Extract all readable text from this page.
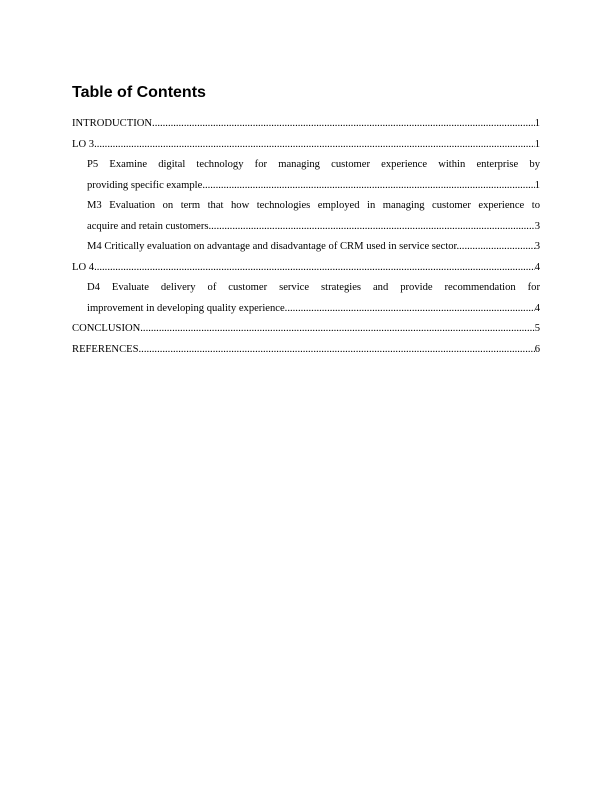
Table of Contents
INTRODUCTION .....	1
LO 3 .....	1
P5 Examine digital technology for managing customer experience within enterprise by
providing specific example .....	1
M3 Evaluation on term that how technologies employed in managing customer experience to
acquire and retain customers. .....	3
M4 Critically evaluation on advantage and disadvantage of CRM used in service sector. .....	3
LO 4 .....	4
D4 Evaluate delivery of customer service strategies and provide recommendation for
improvement in developing quality experience. .....	4
CONCLUSION .....	5
REFERENCES .....	6
